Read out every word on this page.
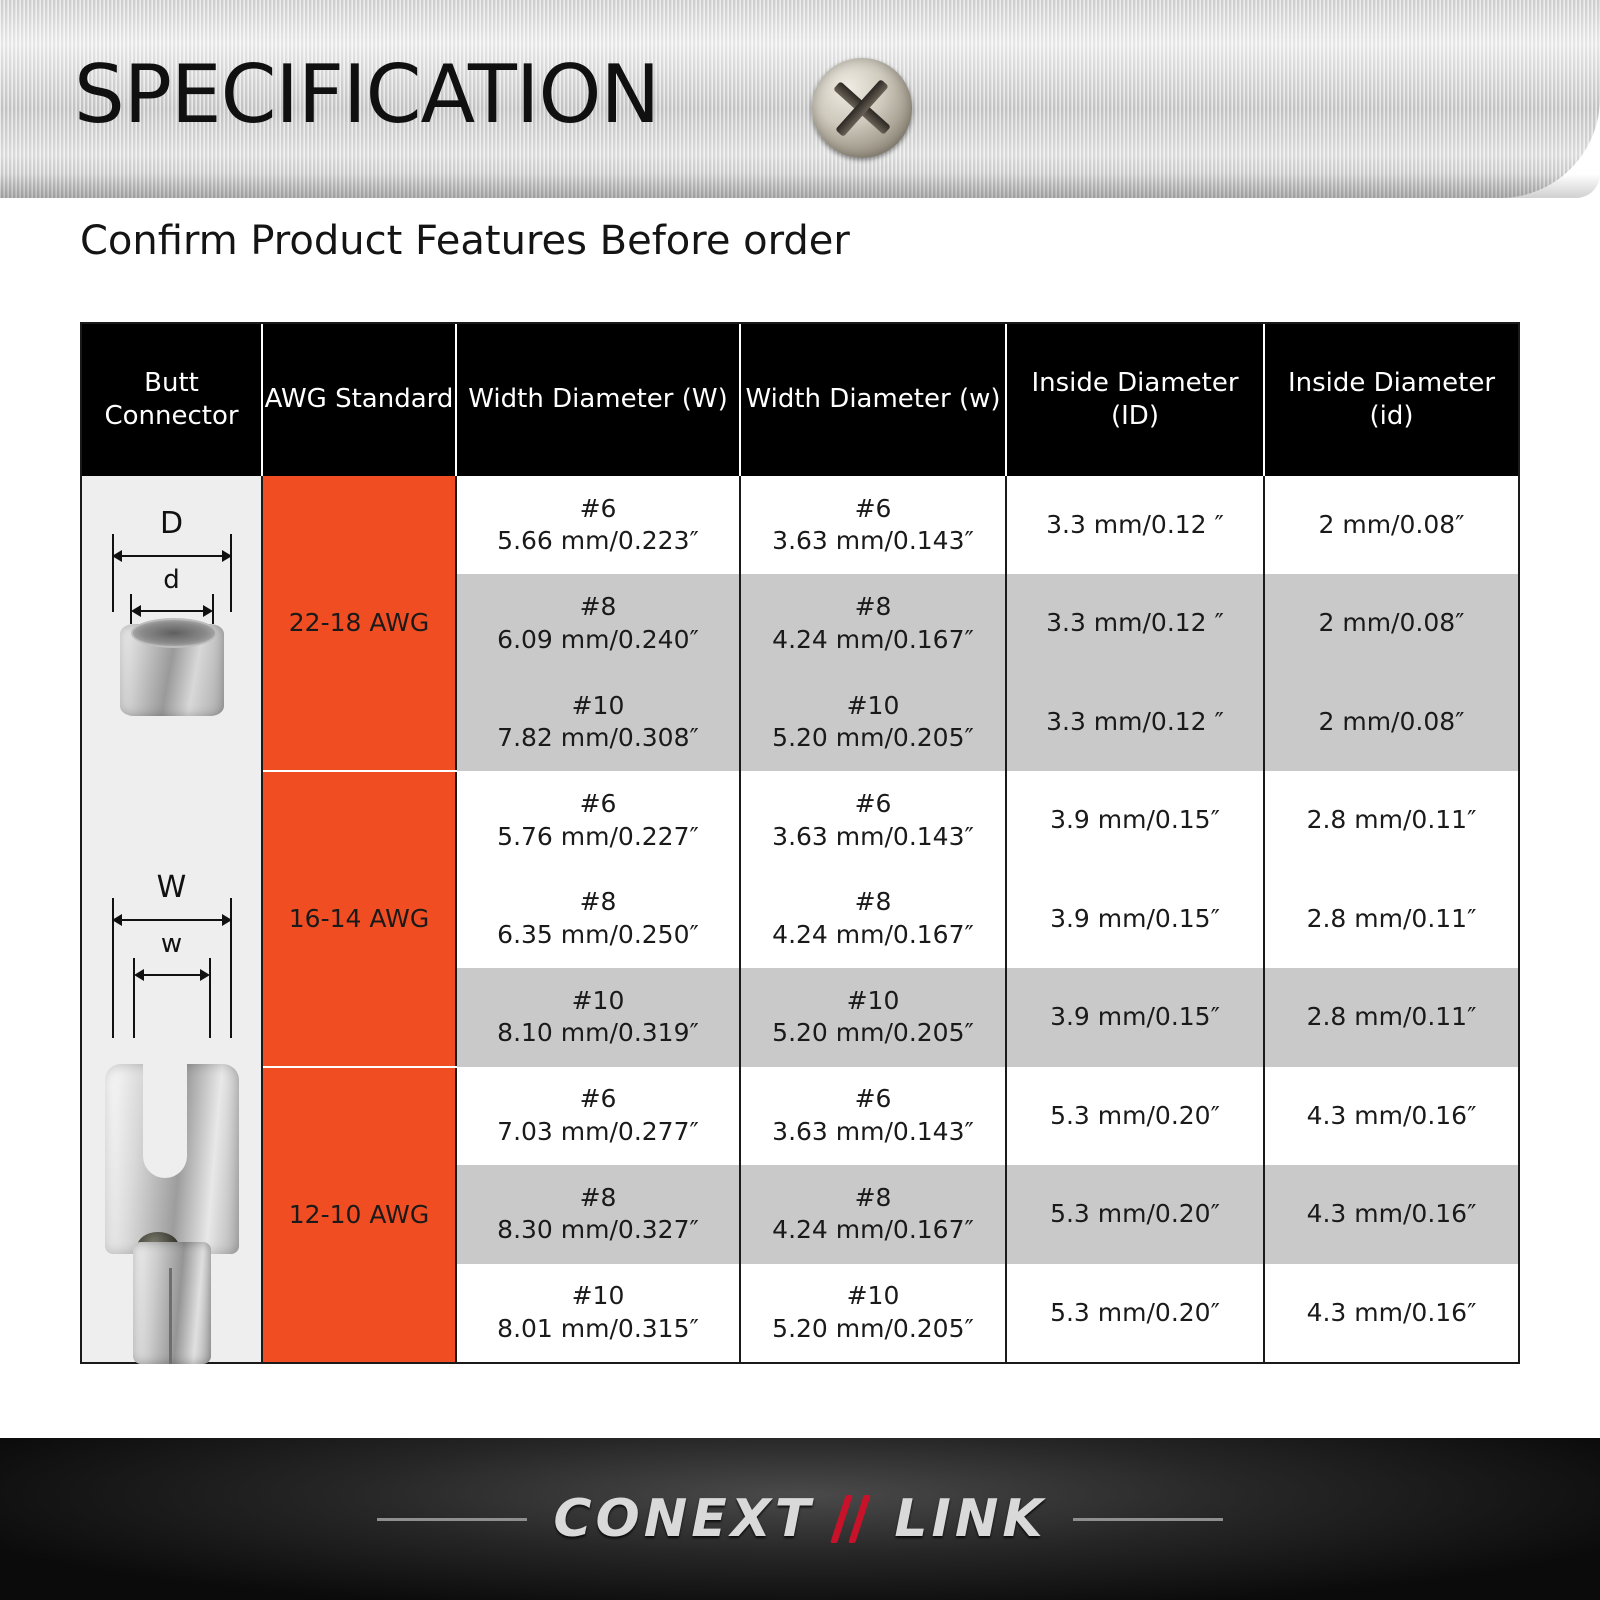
SPECIFICATION
Confirm Product Features Before order
Butt Connector	AWG Standard	Width Diameter (W)	Width Diameter (w)	Inside Diameter (ID)	Inside Diameter (id)

D
d
W
w
	22-18 AWG	
#6
5.66 mm/0.223″

#6
3.63 mm/0.143″
	3.3 mm/0.12 ″	2 mm/0.08″

		#8
6.09 mm/0.240″	#8
4.24 mm/0.167″	3.3 mm/0.12 ″	2 mm/0.08″

		#10
7.82 mm/0.308″	#10
5.20 mm/0.205″	3.3 mm/0.12 ″	2 mm/0.08″
	16-14 AWG	#6
5.76 mm/0.227″	#6
3.63 mm/0.143″	3.9 mm/0.15″	2.8 mm/0.11″

		#8
6.35 mm/0.250″	#8
4.24 mm/0.167″	3.9 mm/0.15″	2.8 mm/0.11″

		#10
8.10 mm/0.319″	#10
5.20 mm/0.205″	3.9 mm/0.15″	2.8 mm/0.11″
	12-10 AWG	#6
7.03 mm/0.277″	#6
3.63 mm/0.143″	5.3 mm/0.20″	4.3 mm/0.16″

		#8
8.30 mm/0.327″	#8
4.24 mm/0.167″	5.3 mm/0.20″	4.3 mm/0.16″

		#10
8.01 mm/0.315″	#10
5.20 mm/0.205″	5.3 mm/0.20″	4.3 mm/0.16″

CONEXT LINK
